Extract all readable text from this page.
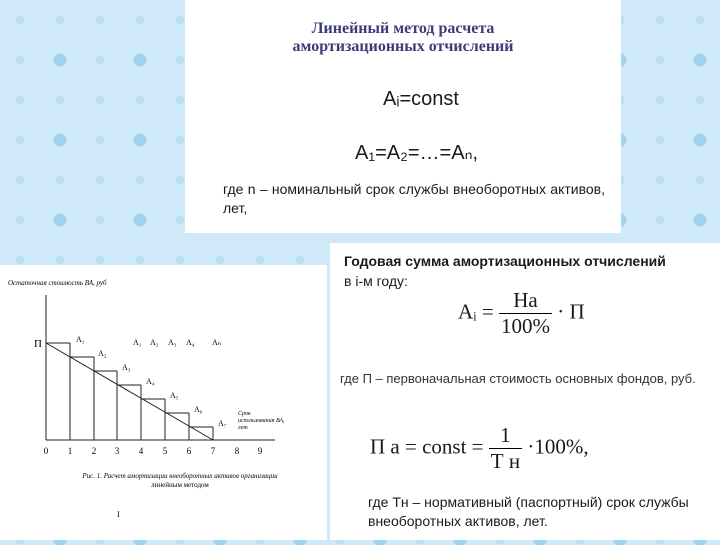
Линейный метод расчета
амортизационных отчислений
Aᵢ=const
A₁=A₂=…=Aₙ,
где n – номинальный срок службы внеоборотных активов, лет,
Годовая сумма амортизационных отчислений
в i-м году:
Aᵢ = $\frac{На}{100\%} \cdot П$
где П – первоначальная стоимость основных фондов, руб.
П а = const = $\frac{1}{\text{Т н}} \cdot 100\%$,
где Тн – нормативный (паспортный) срок службы внеоборотных активов, лет.
П
Остаточная стоимость ВА, руб
A₁
A₂
A₃
A₄
A₅
A₆
A₇
A₁ A₂ A₃ A₄ Aₙ
Срок
использования ВА,
лет
0 1 2 3 4 5 6 7 8 9
Рис. 1. Расчет амортизации внеоборотных активов организации
линейным методом
I
